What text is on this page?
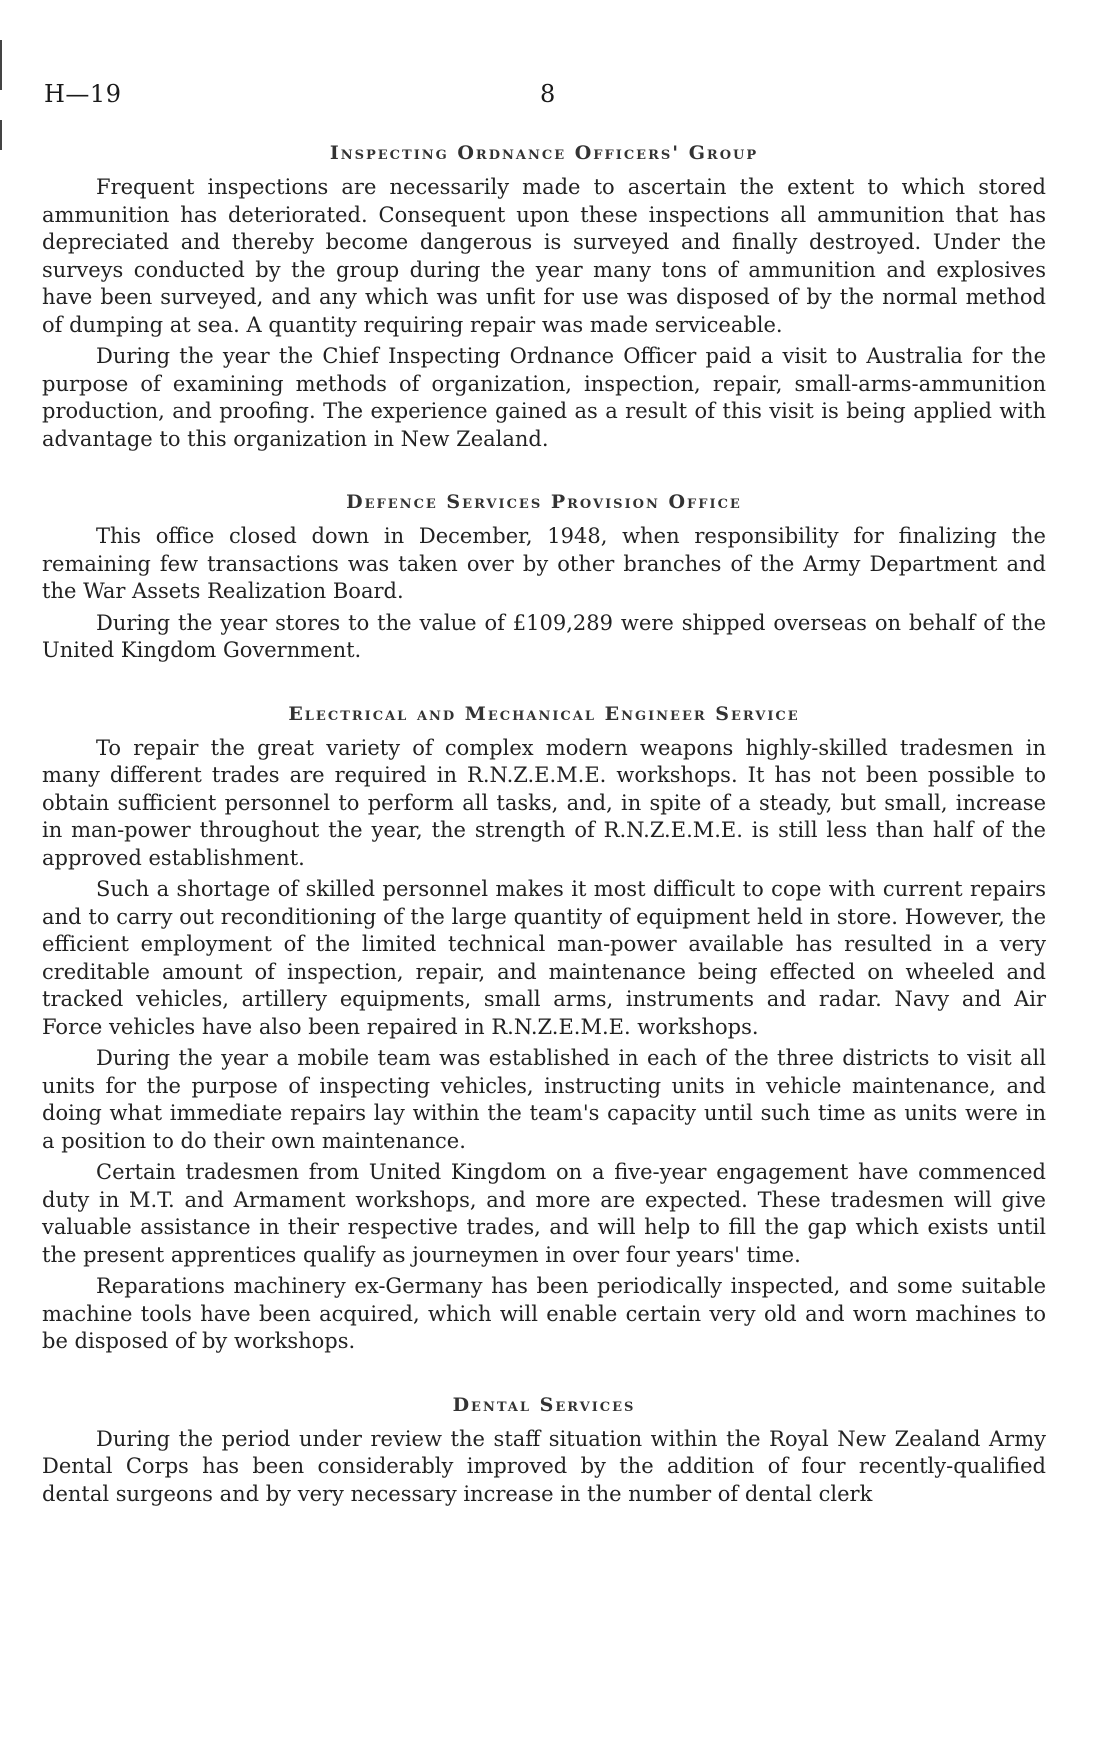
H—19	8
Inspecting Ordnance Officers' Group

Frequent inspections are necessarily made to ascertain the extent to which stored ammunition has deteriorated. Consequent upon these inspections all ammunition that has depreciated and thereby become dangerous is surveyed and finally destroyed. Under the surveys conducted by the group during the year many tons of ammunition and explosives have been surveyed, and any which was unfit for use was disposed of by the normal method of dumping at sea. A quantity requiring repair was made serviceable.

During the year the Chief Inspecting Ordnance Officer paid a visit to Australia for the purpose of examining methods of organization, inspection, repair, small-arms-ammunition production, and proofing. The experience gained as a result of this visit is being applied with advantage to this organization in New Zealand.

Defence Services Provision Office

This office closed down in December, 1948, when responsibility for finalizing the remaining few transactions was taken over by other branches of the Army Department and the War Assets Realization Board.

During the year stores to the value of £109,289 were shipped overseas on behalf of the United Kingdom Government.

Electrical and Mechanical Engineer Service

To repair the great variety of complex modern weapons highly-skilled tradesmen in many different trades are required in R.N.Z.E.M.E. workshops. It has not been possible to obtain sufficient personnel to perform all tasks, and, in spite of a steady, but small, increase in man-power throughout the year, the strength of R.N.Z.E.M.E. is still less than half of the approved establishment.

Such a shortage of skilled personnel makes it most difficult to cope with current repairs and to carry out reconditioning of the large quantity of equipment held in store. However, the efficient employment of the limited technical man-power available has resulted in a very creditable amount of inspection, repair, and maintenance being effected on wheeled and tracked vehicles, artillery equipments, small arms, instruments and radar. Navy and Air Force vehicles have also been repaired in R.N.Z.E.M.E. workshops.

During the year a mobile team was established in each of the three districts to visit all units for the purpose of inspecting vehicles, instructing units in vehicle maintenance, and doing what immediate repairs lay within the team's capacity until such time as units were in a position to do their own maintenance.

Certain tradesmen from United Kingdom on a five-year engagement have commenced duty in M.T. and Armament workshops, and more are expected. These tradesmen will give valuable assistance in their respective trades, and will help to fill the gap which exists until the present apprentices qualify as journeymen in over four years' time.

Reparations machinery ex-Germany has been periodically inspected, and some suitable machine tools have been acquired, which will enable certain very old and worn machines to be disposed of by workshops.

Dental Services

During the period under review the staff situation within the Royal New Zealand Army Dental Corps has been considerably improved by the addition of four recently-qualified dental surgeons and by very necessary increase in the number of dental clerk
